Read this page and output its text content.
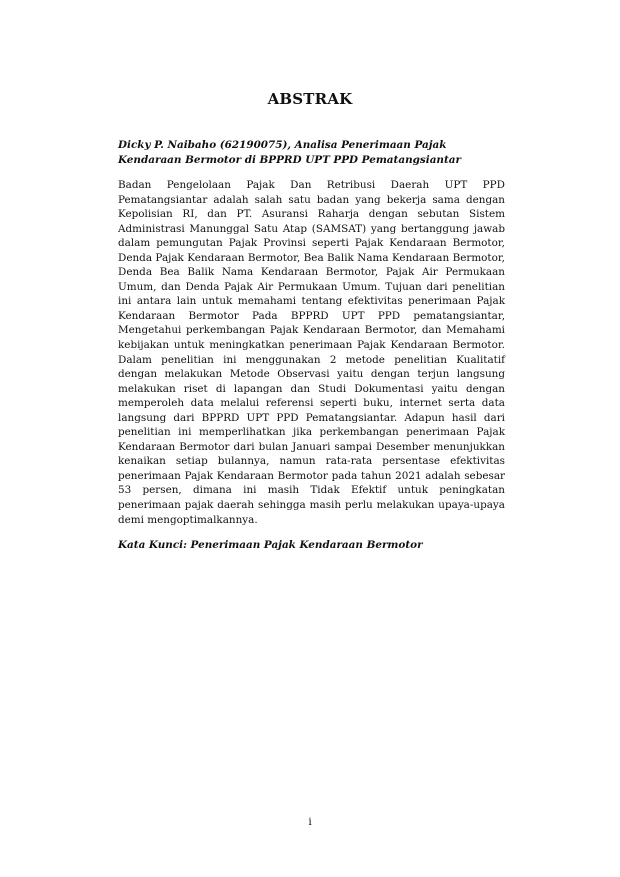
ABSTRAK

Dicky P. Naibaho (62190075), Analisa Penerimaan Pajak Kendaraan Bermotor di BPPRD UPT PPD Pematangsiantar

Badan Pengelolaan Pajak Dan Retribusi Daerah UPT PPD Pematangsiantar adalah salah satu badan yang bekerja sama dengan Kepolisian RI, dan PT. Asuransi Raharja dengan sebutan Sistem Administrasi Manunggal Satu Atap (SAMSAT) yang bertanggung jawab dalam pemungutan Pajak Provinsi seperti Pajak Kendaraan Bermotor, Denda Pajak Kendaraan Bermotor, Bea Balik Nama Kendaraan Bermotor, Denda Bea Balik Nama Kendaraan Bermotor, Pajak Air Permukaan Umum, dan Denda Pajak Air Permukaan Umum. Tujuan dari penelitian ini antara lain untuk memahami tentang efektivitas penerimaan Pajak Kendaraan Bermotor Pada BPPRD UPT PPD pematangsiantar, Mengetahui perkembangan Pajak Kendaraan Bermotor, dan Memahami kebijakan untuk meningkatkan penerimaan Pajak Kendaraan Bermotor. Dalam penelitian ini menggunakan 2 metode penelitian Kualitatif dengan melakukan Metode Observasi yaitu dengan terjun langsung melakukan riset di lapangan dan Studi Dokumentasi yaitu dengan memperoleh data melalui referensi seperti buku, internet serta data langsung dari BPPRD UPT PPD Pematangsiantar. Adapun hasil dari penelitian ini memperlihatkan jika perkembangan penerimaan Pajak Kendaraan Bermotor dari bulan Januari sampai Desember menunjukkan kenaikan setiap bulannya, namun rata-rata persentase efektivitas penerimaan Pajak Kendaraan Bermotor pada tahun 2021 adalah sebesar 53 persen, dimana ini masih Tidak Efektif untuk peningkatan penerimaan pajak daerah sehingga masih perlu melakukan upaya-upaya demi mengoptimalkannya.

Kata Kunci: Penerimaan Pajak Kendaraan Bermotor

i
